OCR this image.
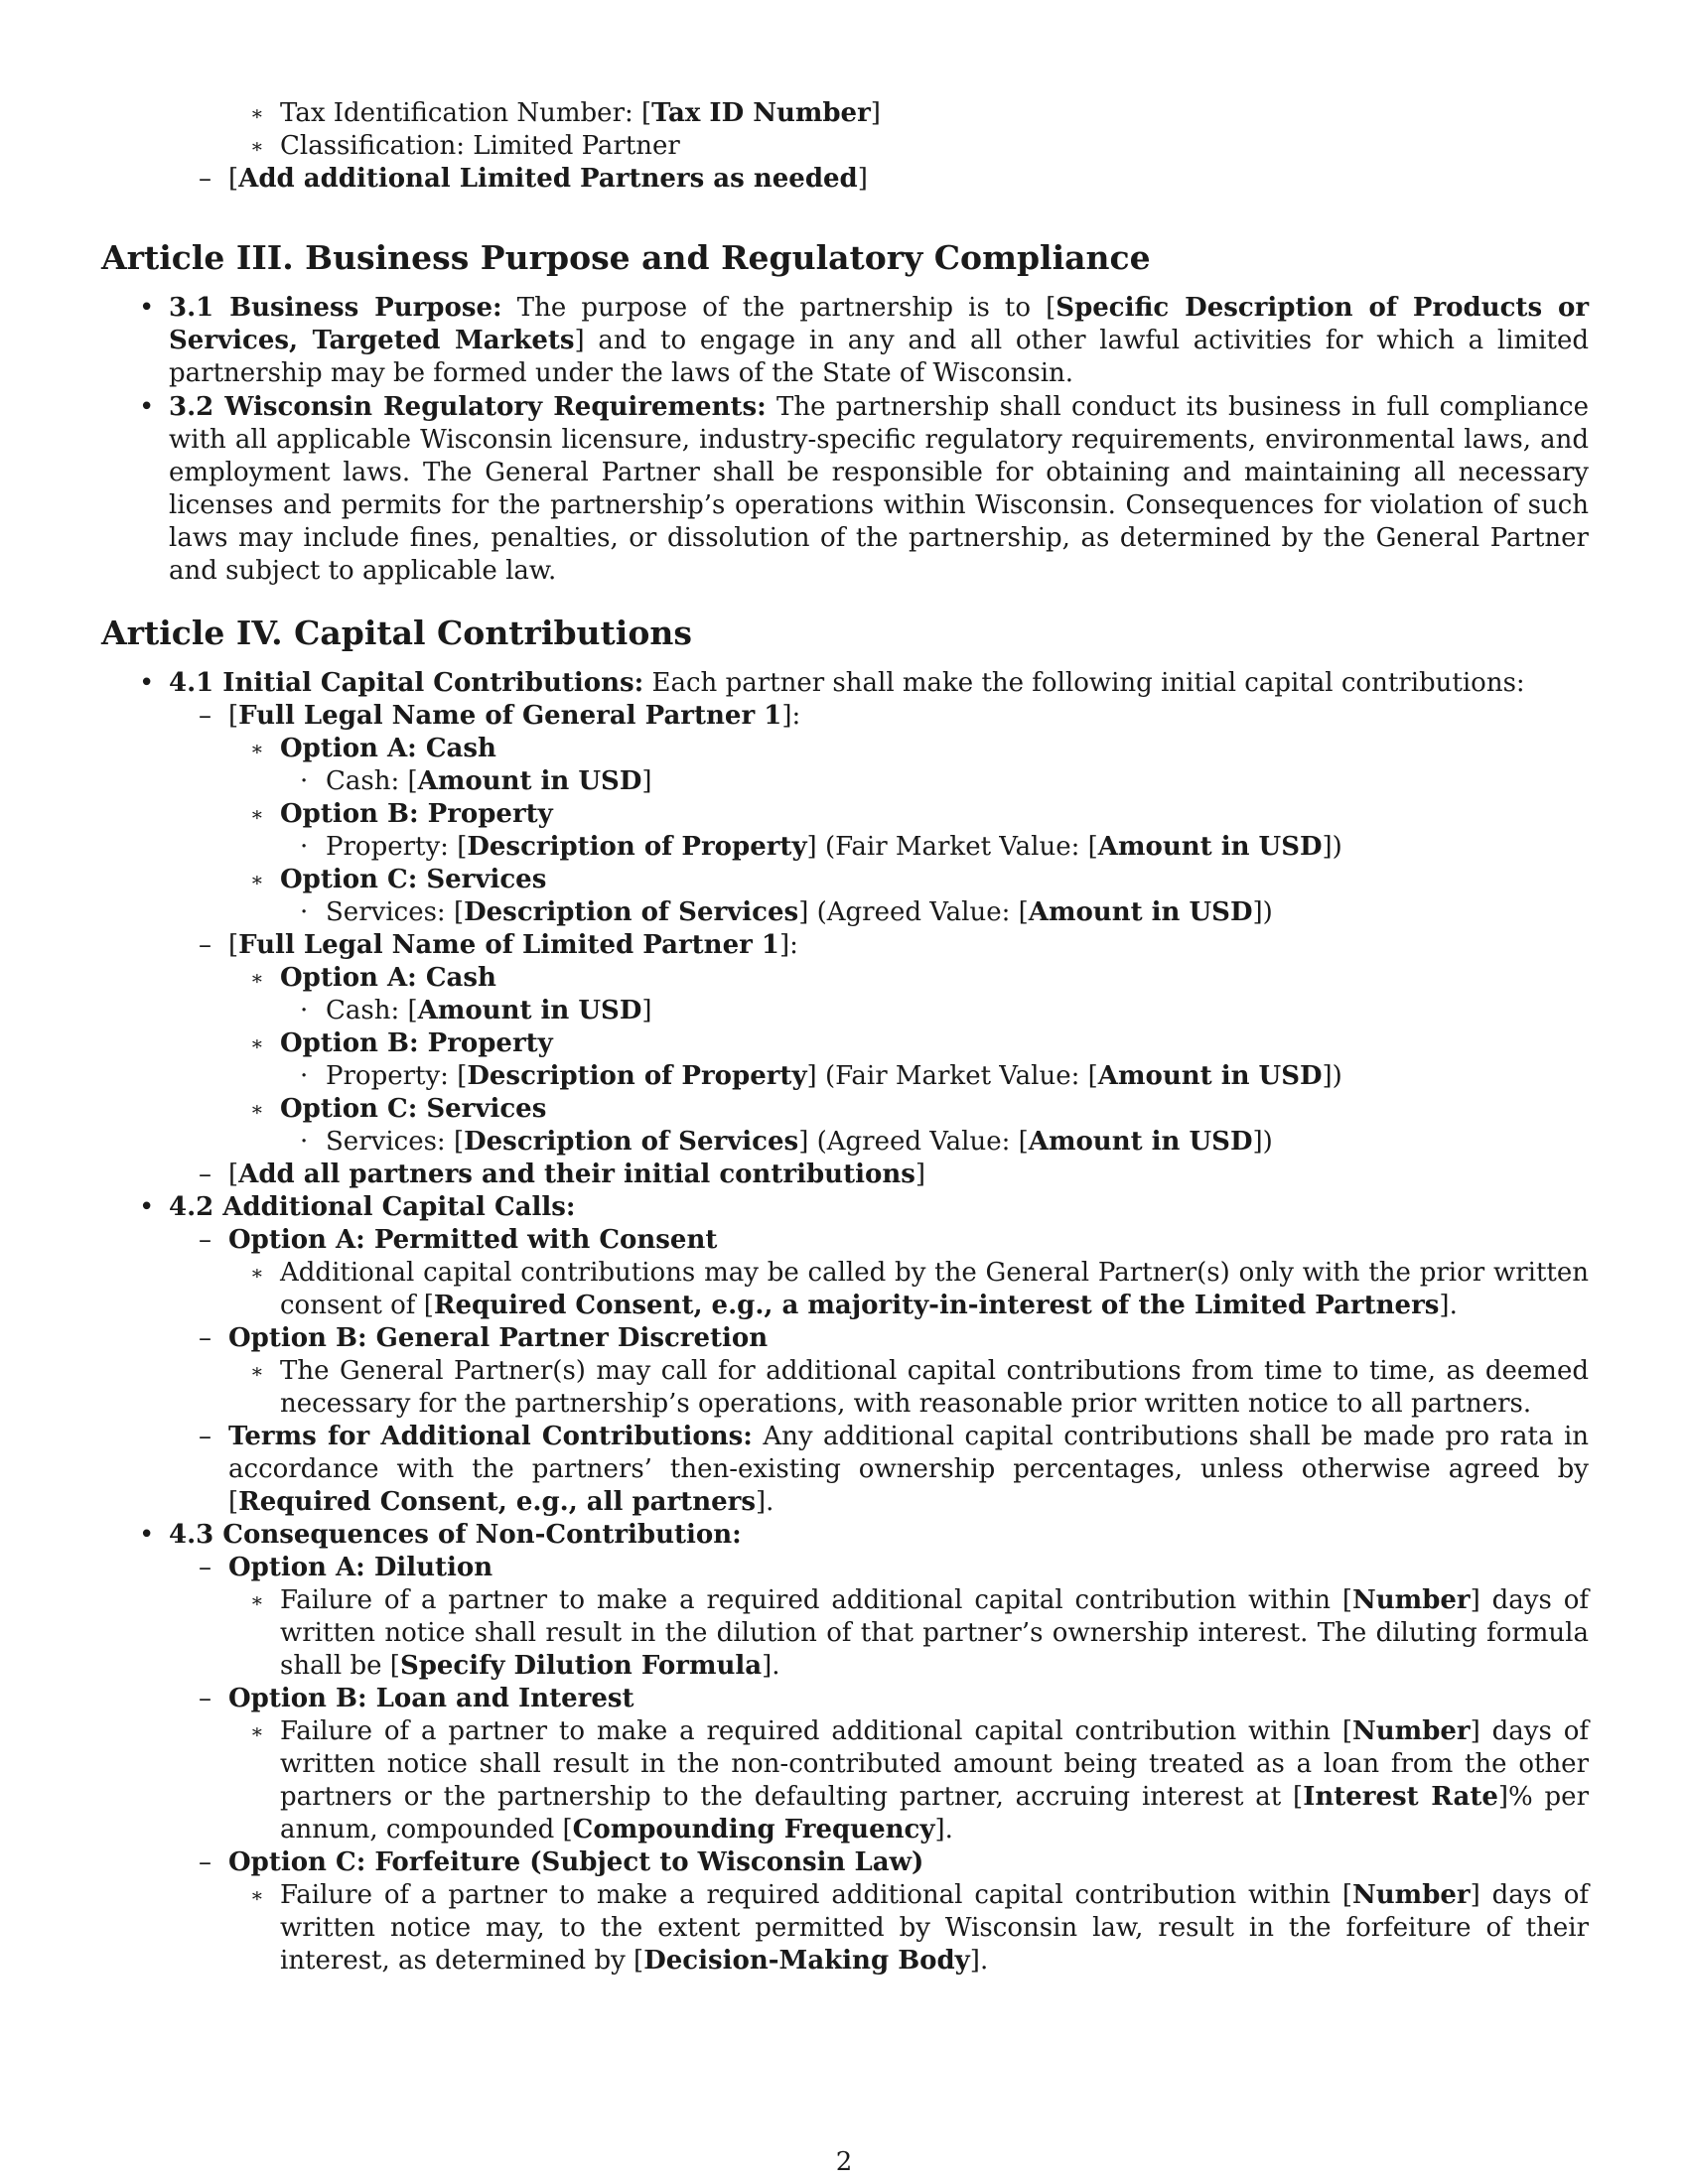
∗ Tax Identification Number: [Tax ID Number]

∗ Classification: Limited Partner

– [Add additional Limited Partners as needed]

Article III. Business Purpose and Regulatory Compliance

• 3.1 Business Purpose: The purpose of the partnership is to [Specific Description of Products or Services, Targeted Markets] and to engage in any and all other lawful activities for which a limited partnership may be formed under the laws of the State of Wisconsin.

• 3.2 Wisconsin Regulatory Requirements: The partnership shall conduct its business in full compliance with all applicable Wisconsin licensure, industry-specific regulatory requirements, environmental laws, and employment laws. The General Partner shall be responsible for obtaining and maintaining all necessary licenses and permits for the partnership’s operations within Wisconsin. Consequences for violation of such laws may include fines, penalties, or dissolution of the partnership, as determined by the General Partner and subject to applicable law.

Article IV. Capital Contributions

• 4.1 Initial Capital Contributions: Each partner shall make the following initial capital contributions:

– [Full Legal Name of General Partner 1]:

∗ Option A: Cash

· Cash: [Amount in USD]

∗ Option B: Property

· Property: [Description of Property] (Fair Market Value: [Amount in USD])

∗ Option C: Services

· Services: [Description of Services] (Agreed Value: [Amount in USD])

– [Full Legal Name of Limited Partner 1]:

∗ Option A: Cash

· Cash: [Amount in USD]

∗ Option B: Property

· Property: [Description of Property] (Fair Market Value: [Amount in USD])

∗ Option C: Services

· Services: [Description of Services] (Agreed Value: [Amount in USD])

– [Add all partners and their initial contributions]

• 4.2 Additional Capital Calls:

– Option A: Permitted with Consent

∗ Additional capital contributions may be called by the General Partner(s) only with the prior written consent of [Required Consent, e.g., a majority-in-interest of the Limited Partners].

– Option B: General Partner Discretion

∗ The General Partner(s) may call for additional capital contributions from time to time, as deemed necessary for the partnership’s operations, with reasonable prior written notice to all partners.

– Terms for Additional Contributions: Any additional capital contributions shall be made pro rata in accordance with the partners’ then-existing ownership percentages, unless otherwise agreed by [Required Consent, e.g., all partners].

• 4.3 Consequences of Non-Contribution:

– Option A: Dilution

∗ Failure of a partner to make a required additional capital contribution within [Number] days of written notice shall result in the dilution of that partner’s ownership interest. The diluting formula shall be [Specify Dilution Formula].

– Option B: Loan and Interest

∗ Failure of a partner to make a required additional capital contribution within [Number] days of written notice shall result in the non-contributed amount being treated as a loan from the other partners or the partnership to the defaulting partner, accruing interest at [Interest Rate]% per annum, compounded [Compounding Frequency].

– Option C: Forfeiture (Subject to Wisconsin Law)

∗ Failure of a partner to make a required additional capital contribution within [Number] days of written notice may, to the extent permitted by Wisconsin law, result in the forfeiture of their interest, as determined by [Decision-Making Body].

2
